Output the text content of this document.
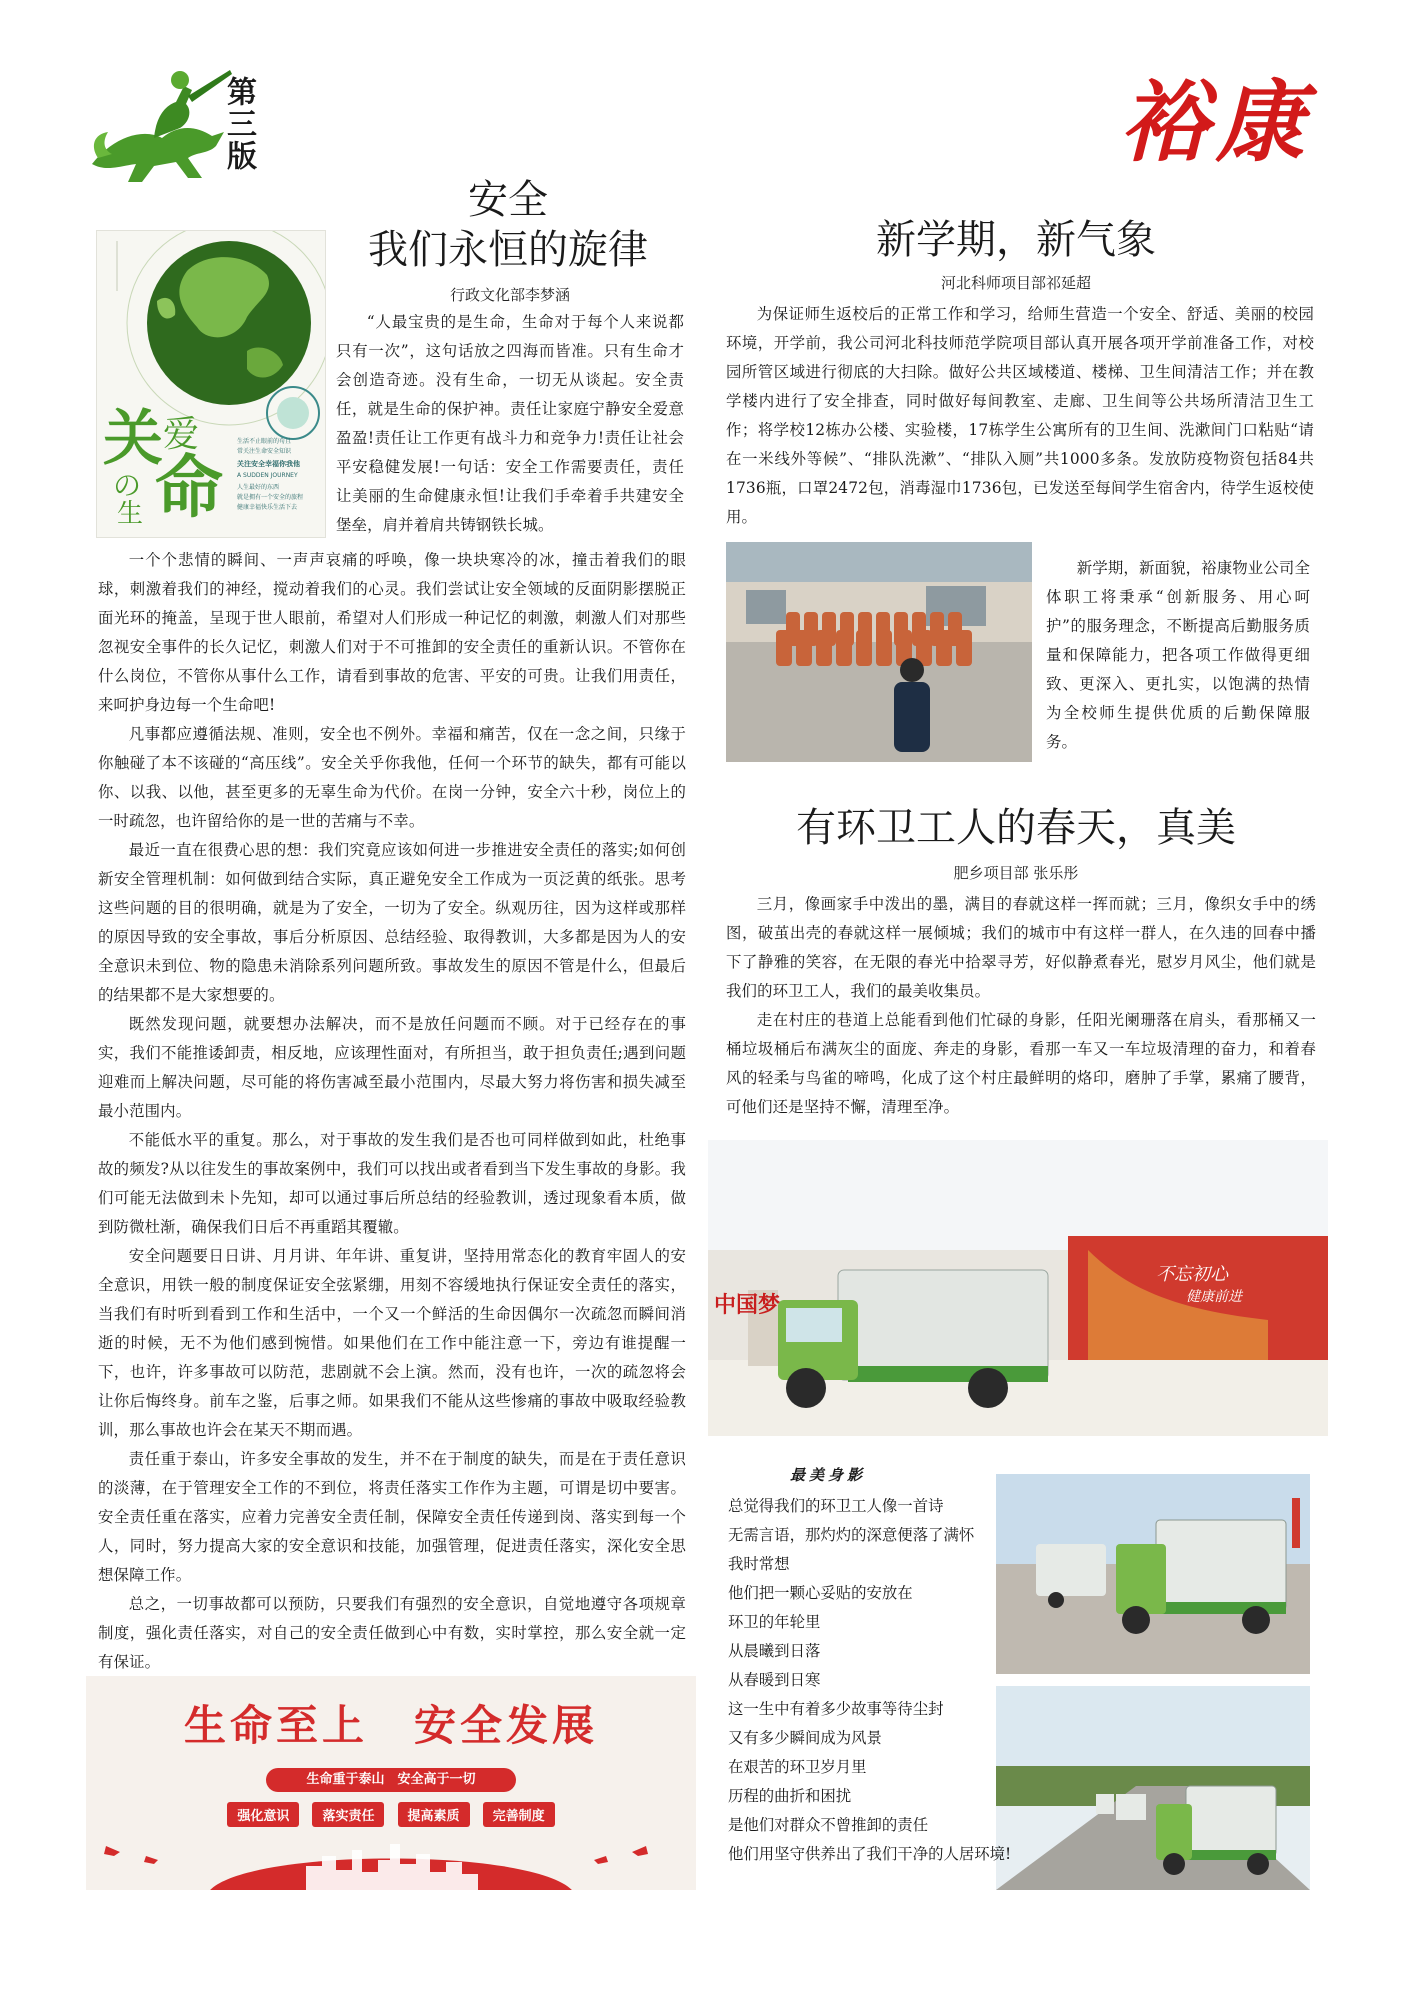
第三版	裕康
安全
我们永恒的旋律
关 爱
の
生 命
生活不止眼前的苟且
常关注生命安全知识
关注安全幸福你我他
A SUDDEN JOURNEY
人生最好的东西
就是拥有一个安全的旅程
健康幸福快乐生活下去
行政文化部李梦涵

“人最宝贵的是生命，生命对于每个人来说都只有一次”，这句话放之四海而皆准。只有生命才会创造奇迹。没有生命，一切无从谈起。安全责任，就是生命的保护神。责任让家庭宁静安全爱意盈盈!责任让工作更有战斗力和竞争力!责任让社会平安稳健发展!一句话：安全工作需要责任，责任让美丽的生命健康永恒!让我们手牵着手共建安全堡垒，肩并着肩共铸钢铁长城。

一个个悲情的瞬间、一声声哀痛的呼唤，像一块块寒冷的冰，撞击着我们的眼球，刺激着我们的神经，搅动着我们的心灵。我们尝试让安全领域的反面阴影摆脱正面光环的掩盖，呈现于世人眼前，希望对人们形成一种记忆的刺激，刺激人们对那些忽视安全事件的长久记忆，刺激人们对于不可推卸的安全责任的重新认识。不管你在什么岗位，不管你从事什么工作，请看到事故的危害、平安的可贵。让我们用责任，来呵护身边每一个生命吧!

凡事都应遵循法规、准则，安全也不例外。幸福和痛苦，仅在一念之间，只缘于你触碰了本不该碰的“高压线”。安全关乎你我他，任何一个环节的缺失，都有可能以你、以我、以他，甚至更多的无辜生命为代价。在岗一分钟，安全六十秒，岗位上的一时疏忽，也许留给你的是一世的苦痛与不幸。

最近一直在很费心思的想：我们究竟应该如何进一步推进安全责任的落实;如何创新安全管理机制：如何做到结合实际，真正避免安全工作成为一页泛黄的纸张。思考这些问题的目的很明确，就是为了安全，一切为了安全。纵观历往，因为这样或那样的原因导致的安全事故，事后分析原因、总结经验、取得教训，大多都是因为人的安全意识未到位、物的隐患未消除系列问题所致。事故发生的原因不管是什么，但最后的结果都不是大家想要的。

既然发现问题，就要想办法解决，而不是放任问题而不顾。对于已经存在的事实，我们不能推诿卸责，相反地，应该理性面对，有所担当，敢于担负责任;遇到问题迎难而上解决问题，尽可能的将伤害减至最小范围内，尽最大努力将伤害和损失减至最小范围内。

不能低水平的重复。那么，对于事故的发生我们是否也可同样做到如此，杜绝事故的频发?从以往发生的事故案例中，我们可以找出或者看到当下发生事故的身影。我们可能无法做到未卜先知，却可以通过事后所总结的经验教训，透过现象看本质，做到防微杜渐，确保我们日后不再重蹈其覆辙。

安全问题要日日讲、月月讲、年年讲、重复讲，坚持用常态化的教育牢固人的安全意识，用铁一般的制度保证安全弦紧绷，用刻不容缓地执行保证安全责任的落实，当我们有时听到看到工作和生活中，一个又一个鲜活的生命因偶尔一次疏忽而瞬间消逝的时候，无不为他们感到惋惜。如果他们在工作中能注意一下，旁边有谁提醒一下，也许，许多事故可以防范，悲剧就不会上演。然而，没有也许，一次的疏忽将会让你后悔终身。前车之鉴，后事之师。如果我们不能从这些惨痛的事故中吸取经验教训，那么事故也许会在某天不期而遇。

责任重于泰山，许多安全事故的发生，并不在于制度的缺失，而是在于责任意识的淡薄，在于管理安全工作的不到位，将责任落实工作作为主题，可谓是切中要害。安全责任重在落实，应着力完善安全责任制，保障安全责任传递到岗、落实到每一个人，同时，努力提高大家的安全意识和技能，加强管理，促进责任落实，深化安全思想保障工作。

总之，一切事故都可以预防，只要我们有强烈的安全意识，自觉地遵守各项规章制度，强化责任落实，对自己的安全责任做到心中有数，实时掌控，那么安全就一定有保证。

生命至上　安全发展
生命重于泰山　安全高于一切
强化意识	落实责任	提高素质	完善制度
新学期，新气象
河北科师项目部祁延超

为保证师生返校后的正常工作和学习，给师生营造一个安全、舒适、美丽的校园环境，开学前，我公司河北科技师范学院项目部认真开展各项开学前准备工作，对校园所管区域进行彻底的大扫除。做好公共区域楼道、楼梯、卫生间清洁工作；并在教学楼内进行了安全排查，同时做好每间教室、走廊、卫生间等公共场所清洁卫生工作；将学校12栋办公楼、实验楼，17栋学生公寓所有的卫生间、洗漱间门口粘贴“请在一米线外等候”、“排队洗漱”、“排队入厕”共1000多条。发放防疫物资包括84共1736瓶，口罩2472包，消毒湿巾1736包，已发送至每间学生宿舍内，待学生返校使用。

新学期，新面貌，裕康物业公司全体职工将秉承“创新服务、用心呵护”的服务理念，不断提高后勤服务质量和保障能力，把各项工作做得更细致、更深入、更扎实，以饱满的热情为全校师生提供优质的后勤保障服务。

有环卫工人的春天，真美
肥乡项目部 张乐彤

三月，像画家手中泼出的墨，满目的春就这样一挥而就；三月，像织女手中的绣图，破茧出壳的春就这样一展倾城；我们的城市中有这样一群人，在久违的回春中播下了静雅的笑容，在无限的春光中拾翠寻芳，好似静煮春光，慰岁月风尘，他们就是我们的环卫工人，我们的最美收集员。

走在村庄的巷道上总能看到他们忙碌的身影，任阳光阑珊落在肩头，看那桶又一桶垃圾桶后布满灰尘的面庞、奔走的身影，看那一车又一车垃圾清理的奋力，和着春风的轻柔与鸟雀的啼鸣，化成了这个村庄最鲜明的烙印，磨肿了手掌，累痛了腰背，可他们还是坚持不懈，清理至净。

中国梦
不忘初心
健康前进
最美身影

总觉得我们的环卫工人像一首诗

无需言语，那灼灼的深意便落了满怀

我时常想

他们把一颗心妥贴的安放在

环卫的年轮里

从晨曦到日落

从春暖到日寒

这一生中有着多少故事等待尘封

又有多少瞬间成为风景

在艰苦的环卫岁月里

历程的曲折和困扰

是他们对群众不曾推卸的责任

他们用坚守供养出了我们干净的人居环境!
